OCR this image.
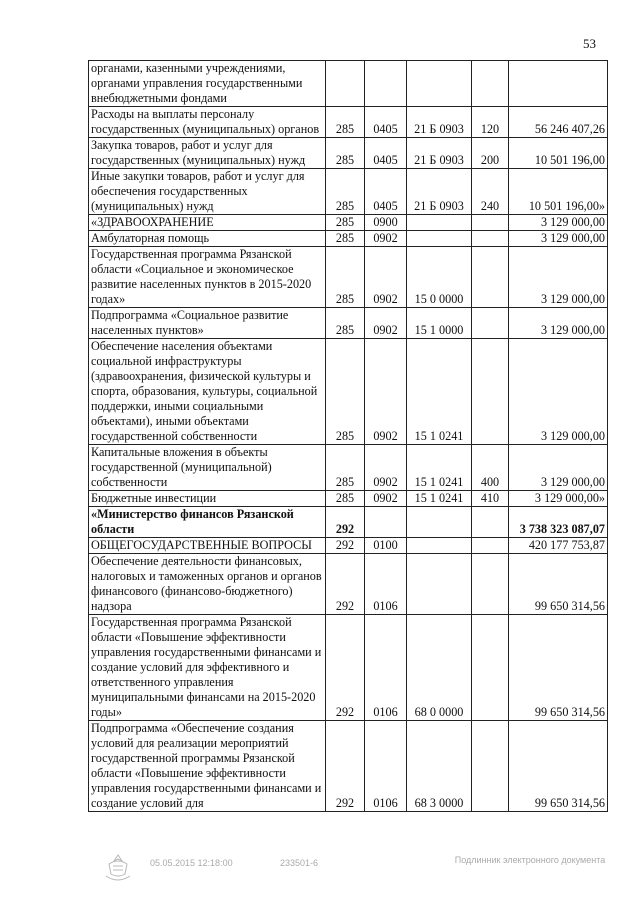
53
органами, казенными учреждениями, органами управления государственными внебюджетными фондами					
Расходы на выплаты персоналу государственных (муниципальных) органов	285	0405	21 Б 0903	120	56 246 407,26
Закупка товаров, работ и услуг для государственных (муниципальных) нужд	285	0405	21 Б 0903	200	10 501 196,00
Иные закупки товаров, работ и услуг для обеспечения государственных (муниципальных) нужд	285	0405	21 Б 0903	240	10 501 196,00»
«ЗДРАВООХРАНЕНИЕ	285	0900			3 129 000,00
Амбулаторная помощь	285	0902			3 129 000,00
Государственная программа Рязанской области «Социальное и экономическое развитие населенных пунктов в 2015-2020 годах»	285	0902	15 0 0000		3 129 000,00
Подпрограмма «Социальное развитие населенных пунктов»	285	0902	15 1 0000		3 129 000,00
Обеспечение населения объектами социальной инфраструктуры (здравоохранения, физической культуры и спорта, образования, культуры, социальной поддержки, иными социальными объектами), иными объектами государственной собственности	285	0902	15 1 0241		3 129 000,00
Капитальные вложения в объекты государственной (муниципальной) собственности	285	0902	15 1 0241	400	3 129 000,00
Бюджетные инвестиции	285	0902	15 1 0241	410	3 129 000,00»
«Министерство финансов Рязанской области	292				3 738 323 087,07
ОБЩЕГОСУДАРСТВЕННЫЕ ВОПРОСЫ	292	0100			420 177 753,87
Обеспечение деятельности финансовых, налоговых и таможенных органов и органов финансового (финансово-бюджетного) надзора	292	0106			99 650 314,56
Государственная программа Рязанской области «Повышение эффективности управления государственными финансами и создание условий для эффективного и ответственного управления муниципальными финансами на 2015-2020 годы»	292	0106	68 0 0000		99 650 314,56
Подпрограмма «Обеспечение создания условий для реализации мероприятий государственной программы Рязанской области «Повышение эффективности управления государственными финансами и создание условий для	292	0106	68 3 0000		99 650 314,56
05.05.2015 12:18:00	233501-6	Подлинник электронного документа
